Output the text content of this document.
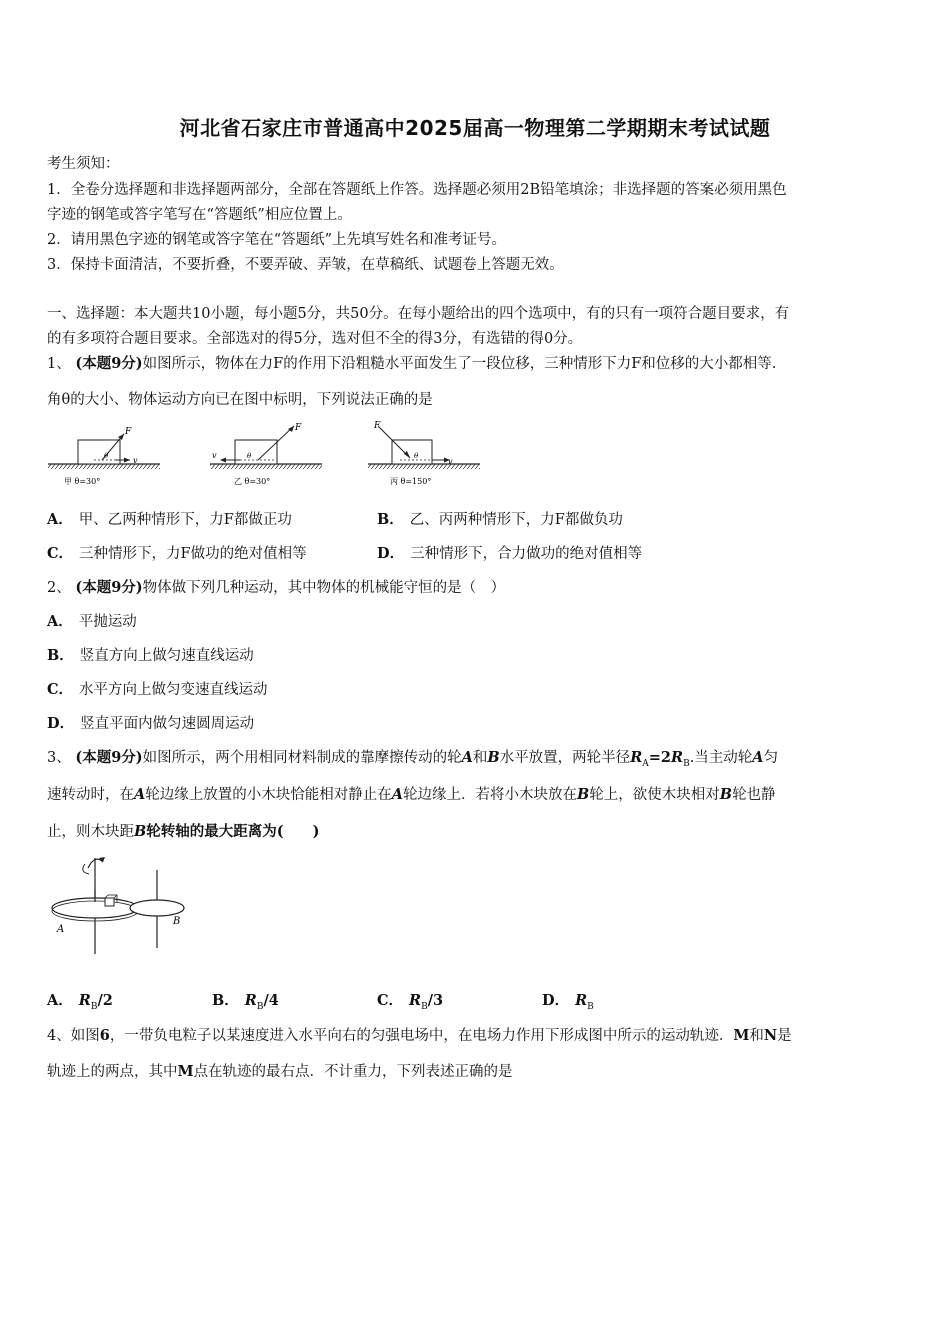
河北省石家庄市普通高中2025届高一物理第二学期期末考试试题
考生须知：
1．全卷分选择题和非选择题两部分，全部在答题纸上作答。选择题必须用2B铅笔填涂；非选择题的答案必须用黑色
字迹的钢笔或答字笔写在“答题纸”相应位置上。
2．请用黑色字迹的钢笔或答字笔在“答题纸”上先填写姓名和准考证号。
3．保持卡面清洁，不要折叠，不要弄破、弄皱，在草稿纸、试题卷上答题无效。
一、选择题：本大题共10小题，每小题5分，共50分。在每小题给出的四个选项中，有的只有一项符合题目要求，有
的有多项符合题目要求。全部选对的得5分，选对但不全的得3分，有选错的得0分。
1、 (本题9分)如图所示，物体在力F的作用下沿粗糙水平面发生了一段位移，三种情形下力F和位移的大小都相等.
角θ的大小、物体运动方向已在图中标明，下列说法正确的是
F
v
θ
甲 θ=30°
F
v	θ
乙 θ=30°
F
v
θ
丙 θ=150°
A． 甲、乙两种情形下，力F都做正功	B． 乙、丙两种情形下，力F都做负功
C． 三种情形下，力F做功的绝对值相等	D． 三种情形下，合力做功的绝对值相等
2、 (本题9分)物体做下列几种运动，其中物体的机械能守恒的是（　）
A． 平抛运动
B． 竖直方向上做匀速直线运动
C． 水平方向上做匀变速直线运动
D． 竖直平面内做匀速圆周运动
3、 (本题9分)如图所示，两个用相同材料制成的靠摩擦传动的轮A和B水平放置，两轮半径$R_A=2R_B$.当主动轮A匀
速转动时，在A轮边缘上放置的小木块恰能相对静止在A轮边缘上．若将小木块放在B轮上，欲使木块相对B轮也静
止，则木块距B轮转轴的最大距离为(　　)
A
B
A． $R_B/2$	B． $R_B/4$	C． $R_B/3$	D． $R_B$
4、如图6，一带负电粒子以某速度进入水平向右的匀强电场中，在电场力作用下形成图中所示的运动轨迹．M和N是
轨迹上的两点，其中M点在轨迹的最右点．不计重力，下列表述正确的是
